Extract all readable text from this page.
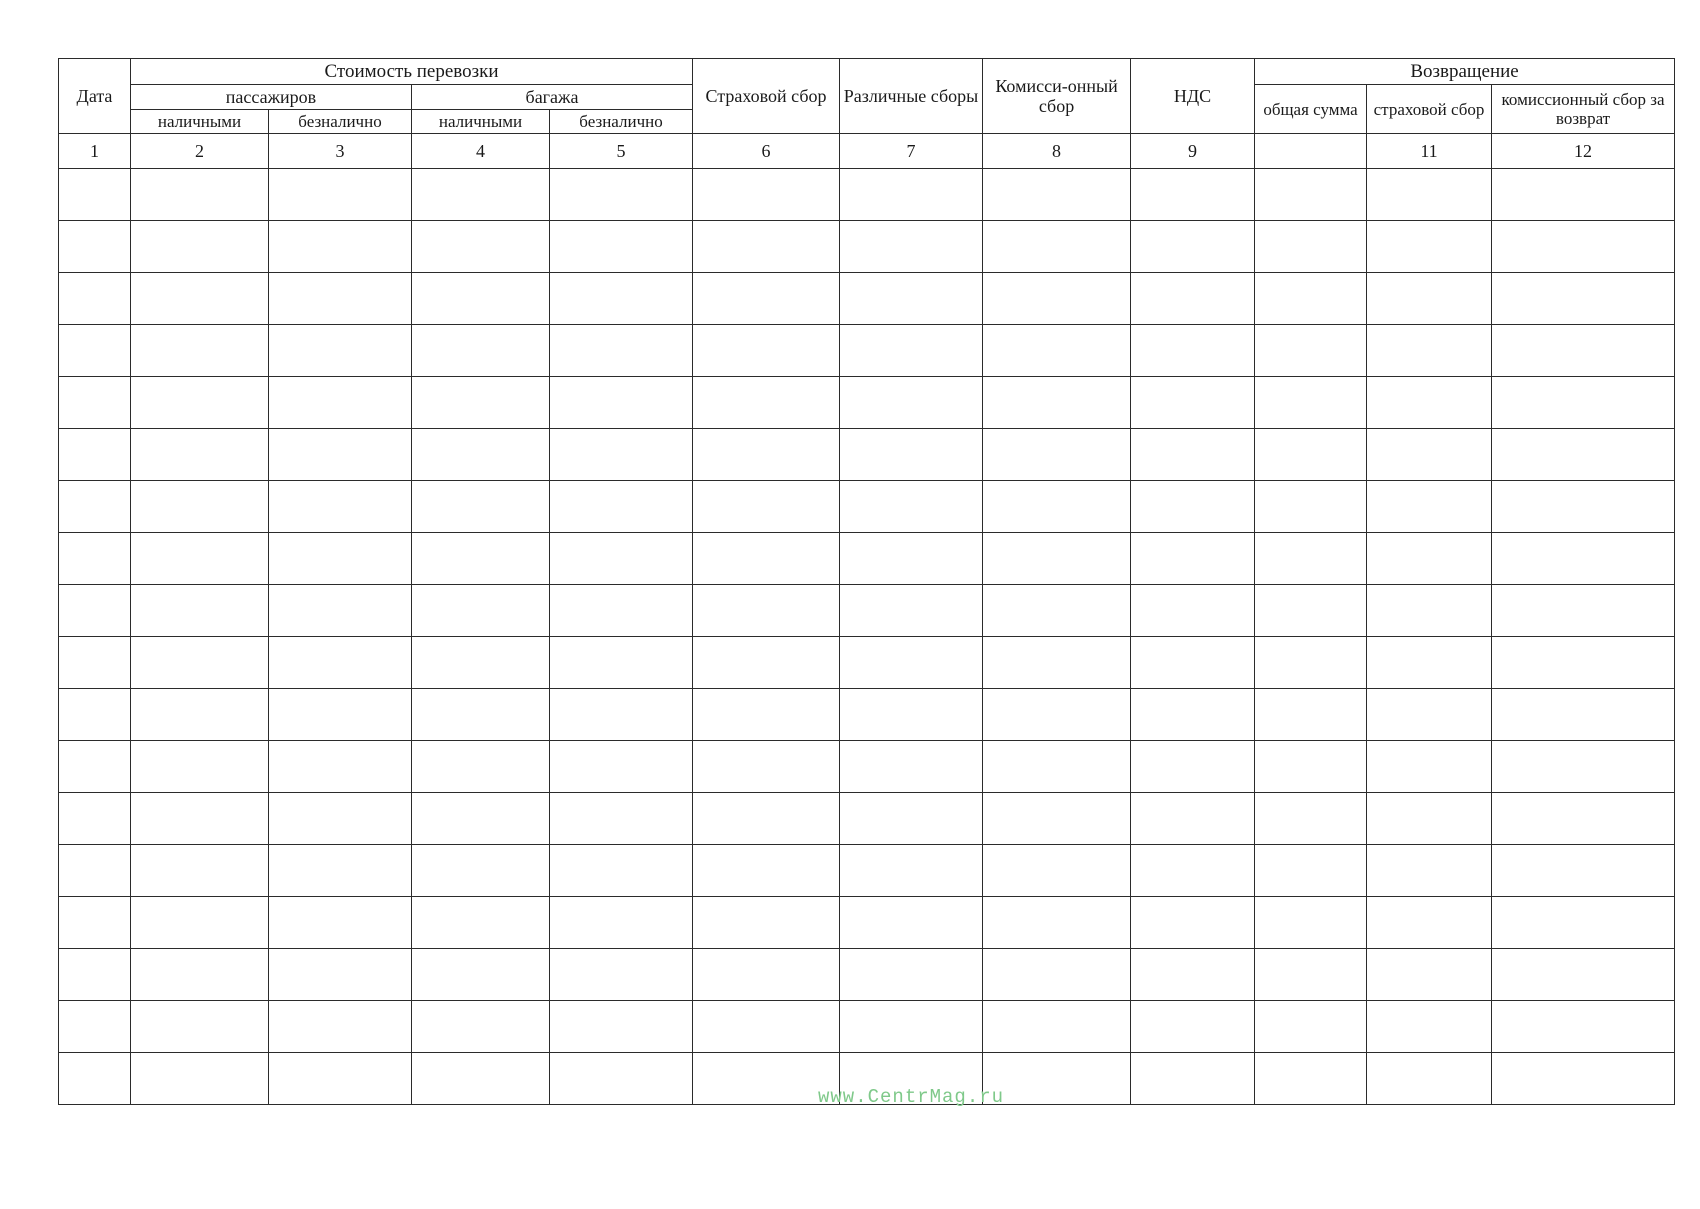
Дата	Стоимость перевозки				Страховой сбор	Различные сборы	Комисси-онный сбор	НДС	Возвращение		
	пассажиров		багажа						общая сумма	страховой сбор	комиссионный сбор за возврат
	наличными	безналично	наличными	безналично							
1	2	3	4	5	6	7	8	9		11	12

www.CentrMag.ru
